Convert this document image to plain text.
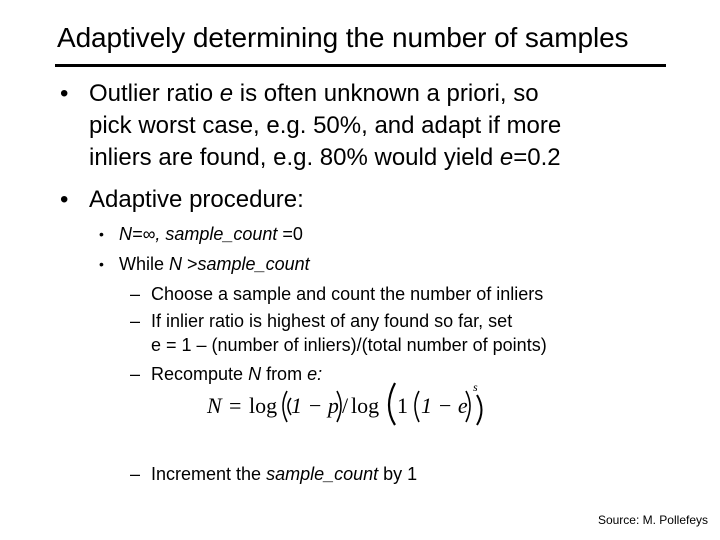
Adaptively determining the number of samples
• Outlier ratio e is often unknown a priori, so
pick worst case, e.g. 50%, and adapt if more
inliers are found, e.g. 80% would yield e=0.2
• Adaptive procedure:
• N=∞, sample_count =0
• While N >sample_count
– Choose a sample and count the number of inliers
– If inlier ratio is highest of any found so far, set
e = 1 – (number of inliers)/(total number of points)
– Recompute N from e:
N = log 1 − p / log 1 1 − e
s
– Increment the sample_count by 1
Source: M. Pollefeys
